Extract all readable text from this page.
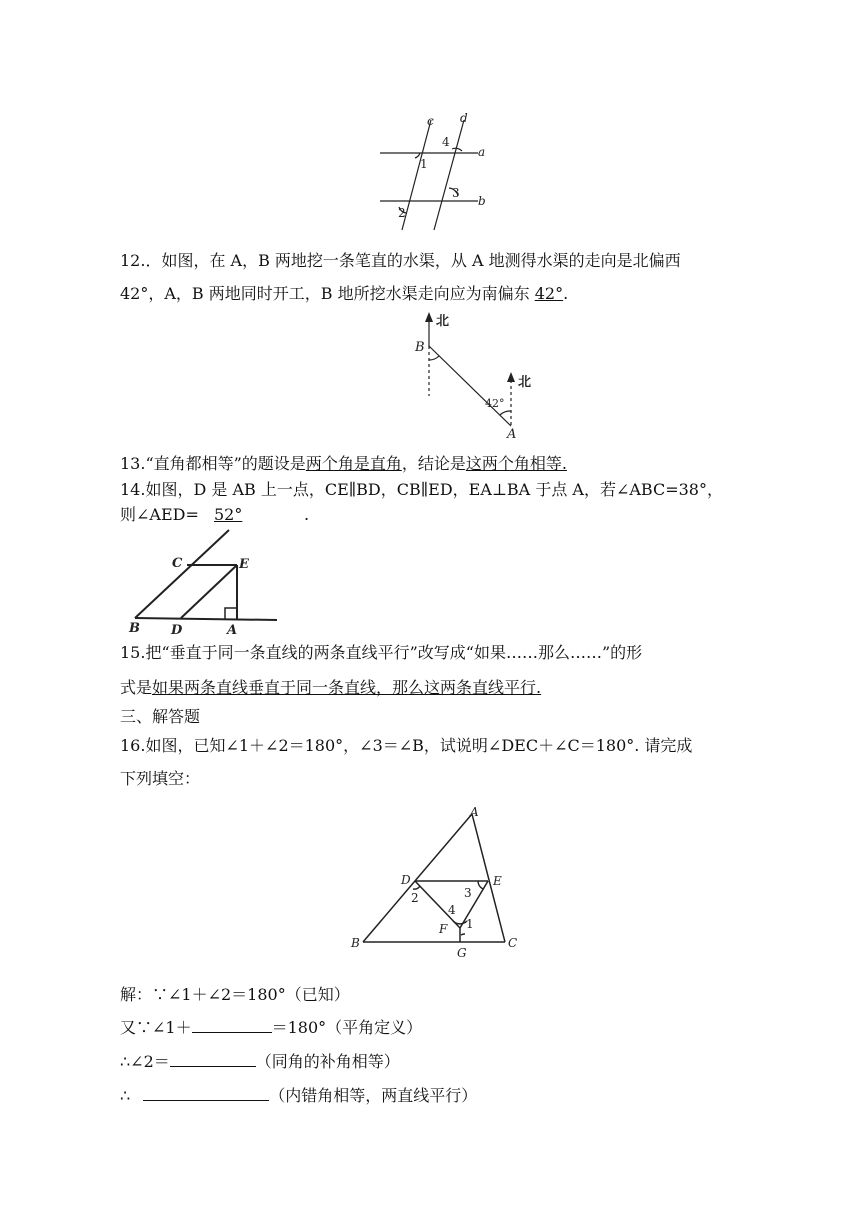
c d
a
b
1
2
3
4
12.．如图，在 A，B 两地挖一条笔直的水渠，从 A 地测得水渠的走向是北偏西
42°，A，B 两地同时开工，B 地所挖水渠走向应为南偏东 42°.
北
北
B
A
42°
13.“直角都相等”的题设是两个角是直角，结论是这两个角相等.
14.如图，D 是 AB 上一点，CE∥BD，CB∥ED，EA⊥BA 于点 A，若∠ABC=38°，
则∠AED= 52°	.
C	E
B D	A
15.把“垂直于同一条直线的两条直线平行”改写成“如果……那么……”的形
式是如果两条直线垂直于同一条直线，那么这两条直线平行.
三、解答题
16.如图，已知∠1＋∠2＝180°，∠3＝∠B，试说明∠DEC＋∠C＝180°. 请完成
下列填空：
A
D	E
B	C
G
F 1
2	3
4
解：∵∠1＋∠2＝180°（已知）
又∵∠1＋	＝180°（平角定义）
∴∠2＝	（同角的补角相等）
∴	（内错角相等，两直线平行）
